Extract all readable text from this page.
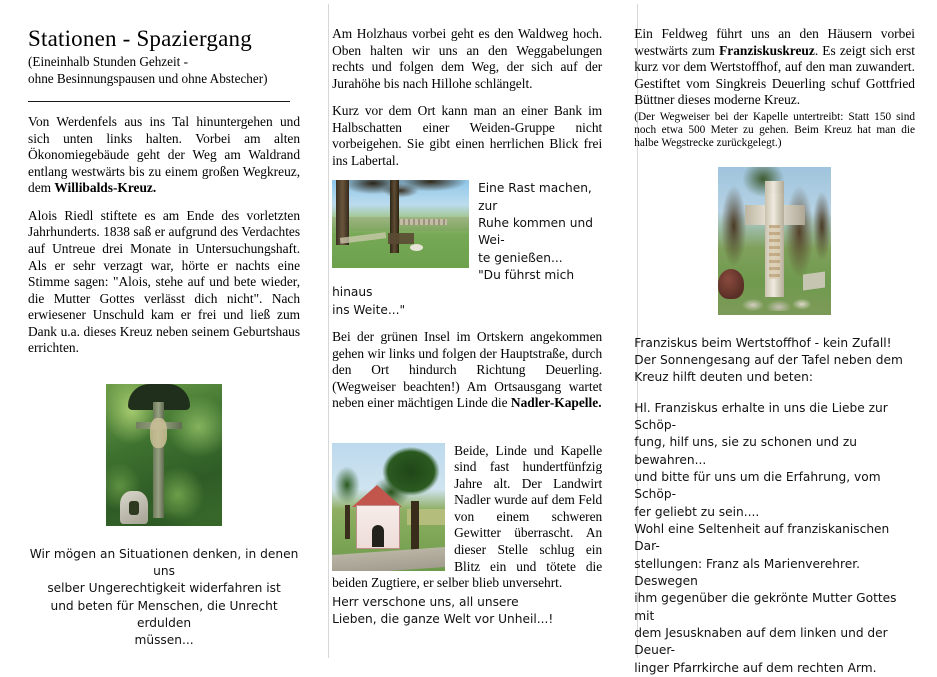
Stationen - Spaziergang
(Eineinhalb Stunden Gehzeit -
ohne Besinnungspausen und ohne Abstecher)

Von Werdenfels aus ins Tal hinuntergehen und sich unten links halten. Vorbei am alten Ökonomiegebäude geht der Weg am Waldrand entlang westwärts bis zu einem großen Wegkreuz, dem Willibalds-Kreuz.

Alois Riedl stiftete es am Ende des vorletzten Jahrhunderts. 1838 saß er aufgrund des Verdachtes auf Untreue drei Monate in Untersuchungshaft. Als er sehr verzagt war, hörte er nachts eine Stimme sagen: "Alois, stehe auf und bete wieder, die Mutter Gottes verlässt dich nicht". Nach erwiesener Unschuld kam er frei und ließ zum Dank u.a. dieses Kreuz neben seinem Geburtshaus errichten.

Wir mögen an Situationen denken, in denen uns

selber Ungerechtigkeit widerfahren ist

und beten für Menschen, die Unrecht erdulden

müssen...

Am Holzhaus vorbei geht es den Waldweg hoch. Oben halten wir uns an den Weggabelungen rechts und folgen dem Weg, der sich auf der Jurahöhe bis nach Hillohe schlängelt.

Kurz vor dem Ort kann man an einer Bank im Halbschatten einer Weiden-Gruppe nicht vorbeigehen. Sie gibt einen herrlichen Blick frei ins Labertal.

Eine Rast machen, zur

Ruhe kommen und Wei-

te genießen...

"Du führst mich hinaus

ins Weite..."

Bei der grünen Insel im Ortskern angekommen gehen wir links und folgen der Hauptstraße, durch den Ort hindurch Richtung Deuerling. (Wegweiser beachten!) Am Ortsausgang wartet neben einer mächtigen Linde die Nadler-Kapelle.

Beide, Linde und Kapelle sind fast hundertfünfzig Jahre alt. Der Landwirt Nadler wurde auf dem Feld von einem schweren Gewitter überrascht. An dieser Stelle schlug ein Blitz ein und tötete die beiden Zugtiere, er selber blieb unversehrt.

Herr verschone uns, all unsere

Lieben, die ganze Welt vor Unheil...!

Ein Feldweg führt uns an den Häusern vorbei westwärts zum Franziskuskreuz. Es zeigt sich erst kurz vor dem Wertstoffhof, auf den man zuwandert. Gestiftet vom Singkreis Deuerling schuf Gottfried Büttner dieses moderne Kreuz.

(Der Wegweiser bei der Kapelle untertreibt: Statt 150 sind noch etwa 500 Meter zu gehen. Beim Kreuz hat man die halbe Wegstrecke zurückgelegt.)

Franziskus beim Wertstoffhof - kein Zufall!

Der Sonnengesang auf der Tafel neben dem

Kreuz hilft deuten und beten:

Hl. Franziskus erhalte in uns die Liebe zur Schöp-

fung, hilf uns, sie zu schonen und zu bewahren...

und bitte für uns um die Erfahrung, vom Schöp-

fer geliebt zu sein....

Wohl eine Seltenheit auf franziskanischen Dar-

stellungen: Franz als Marienverehrer. Deswegen

ihm gegenüber die gekrönte Mutter Gottes mit

dem Jesusknaben auf dem linken und der Deuer-

linger Pfarrkirche auf dem rechten Arm.
